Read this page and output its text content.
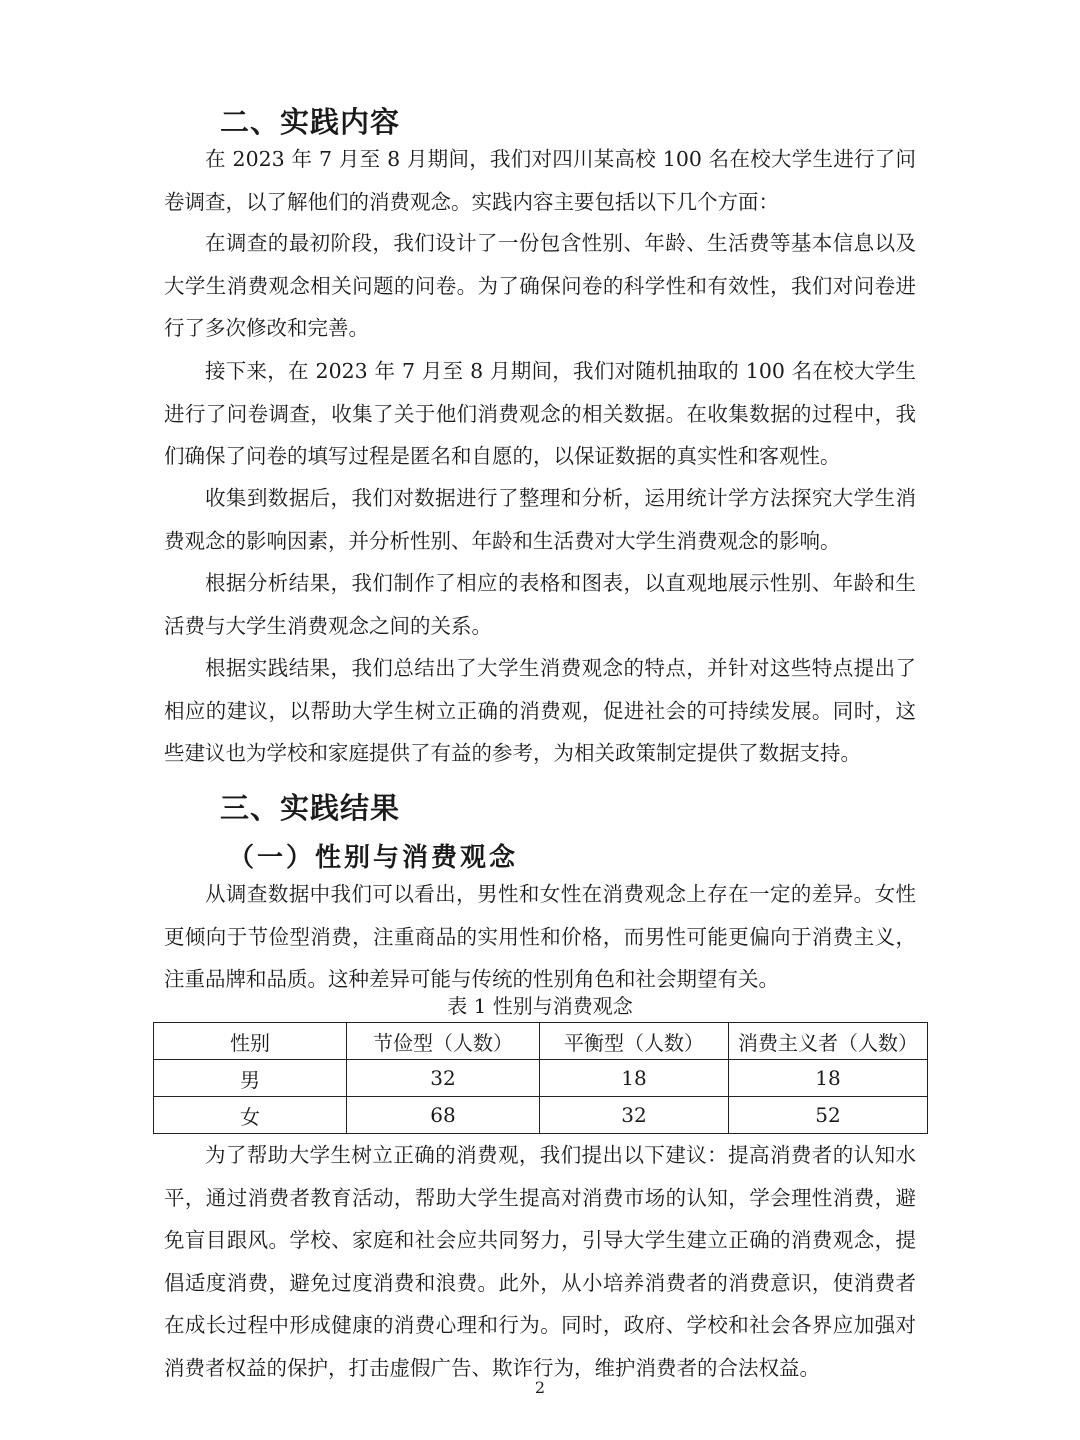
二、实践内容

在 2023 年 7 月至 8 月期间，我们对四川某高校 100 名在校大学生进行了问卷调查，以了解他们的消费观念。实践内容主要包括以下几个方面：

在调查的最初阶段，我们设计了一份包含性别、年龄、生活费等基本信息以及大学生消费观念相关问题的问卷。为了确保问卷的科学性和有效性，我们对问卷进行了多次修改和完善。

接下来，在 2023 年 7 月至 8 月期间，我们对随机抽取的 100 名在校大学生进行了问卷调查，收集了关于他们消费观念的相关数据。在收集数据的过程中，我们确保了问卷的填写过程是匿名和自愿的，以保证数据的真实性和客观性。

收集到数据后，我们对数据进行了整理和分析，运用统计学方法探究大学生消费观念的影响因素，并分析性别、年龄和生活费对大学生消费观念的影响。

根据分析结果，我们制作了相应的表格和图表，以直观地展示性别、年龄和生活费与大学生消费观念之间的关系。

根据实践结果，我们总结出了大学生消费观念的特点，并针对这些特点提出了相应的建议，以帮助大学生树立正确的消费观，促进社会的可持续发展。同时，这些建议也为学校和家庭提供了有益的参考，为相关政策制定提供了数据支持。

三、实践结果
（一）性别与消费观念

从调查数据中我们可以看出，男性和女性在消费观念上存在一定的差异。女性更倾向于节俭型消费，注重商品的实用性和价格，而男性可能更偏向于消费主义，注重品牌和品质。这种差异可能与传统的性别角色和社会期望有关。

表 1 性别与消费观念
性别	节俭型（人数）	平衡型（人数）	消费主义者（人数）
男	32	18	18
女	68	32	52

为了帮助大学生树立正确的消费观，我们提出以下建议：提高消费者的认知水平，通过消费者教育活动，帮助大学生提高对消费市场的认知，学会理性消费，避免盲目跟风。学校、家庭和社会应共同努力，引导大学生建立正确的消费观念，提倡适度消费，避免过度消费和浪费。此外，从小培养消费者的消费意识，使消费者在成长过程中形成健康的消费心理和行为。同时，政府、学校和社会各界应加强对消费者权益的保护，打击虚假广告、欺诈行为，维护消费者的合法权益。

2
